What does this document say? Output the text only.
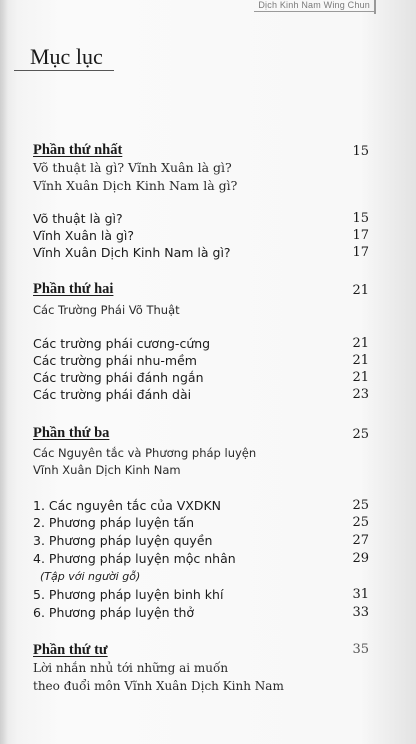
Dịch Kinh Nam Wing Chun
Mục lục
Phần thứ nhất	15
Võ thuật là gì? Vĩnh Xuân là gì?
Vĩnh Xuân Dịch Kinh Nam là gì?
Võ thuật là gì?	15
Vĩnh Xuân là gì?	17
Vĩnh Xuân Dịch Kinh Nam là gì?	17
Phần thứ hai	21
Các Trường Phái Võ Thuật
Các trường phái cương-cứng	21
Các trường phái nhu-mềm	21
Các trường phái đánh ngắn	21
Các trường phái đánh dài	23
Phần thứ ba	25
Các Nguyên tắc và Phương pháp luyện
Vĩnh Xuân Dịch Kinh Nam
1. Các nguyên tắc của VXDKN	25
2. Phương pháp luyện tấn	25
3. Phương pháp luyện quyền	27
4. Phương pháp luyện mộc nhân	29
(Tập với người gỗ)
5. Phương pháp luyện binh khí	31
6. Phương pháp luyện thở	33
Phần thứ tư	35
Lời nhắn nhủ tới những ai muốn
theo đuổi môn Vĩnh Xuân Dịch Kinh Nam
